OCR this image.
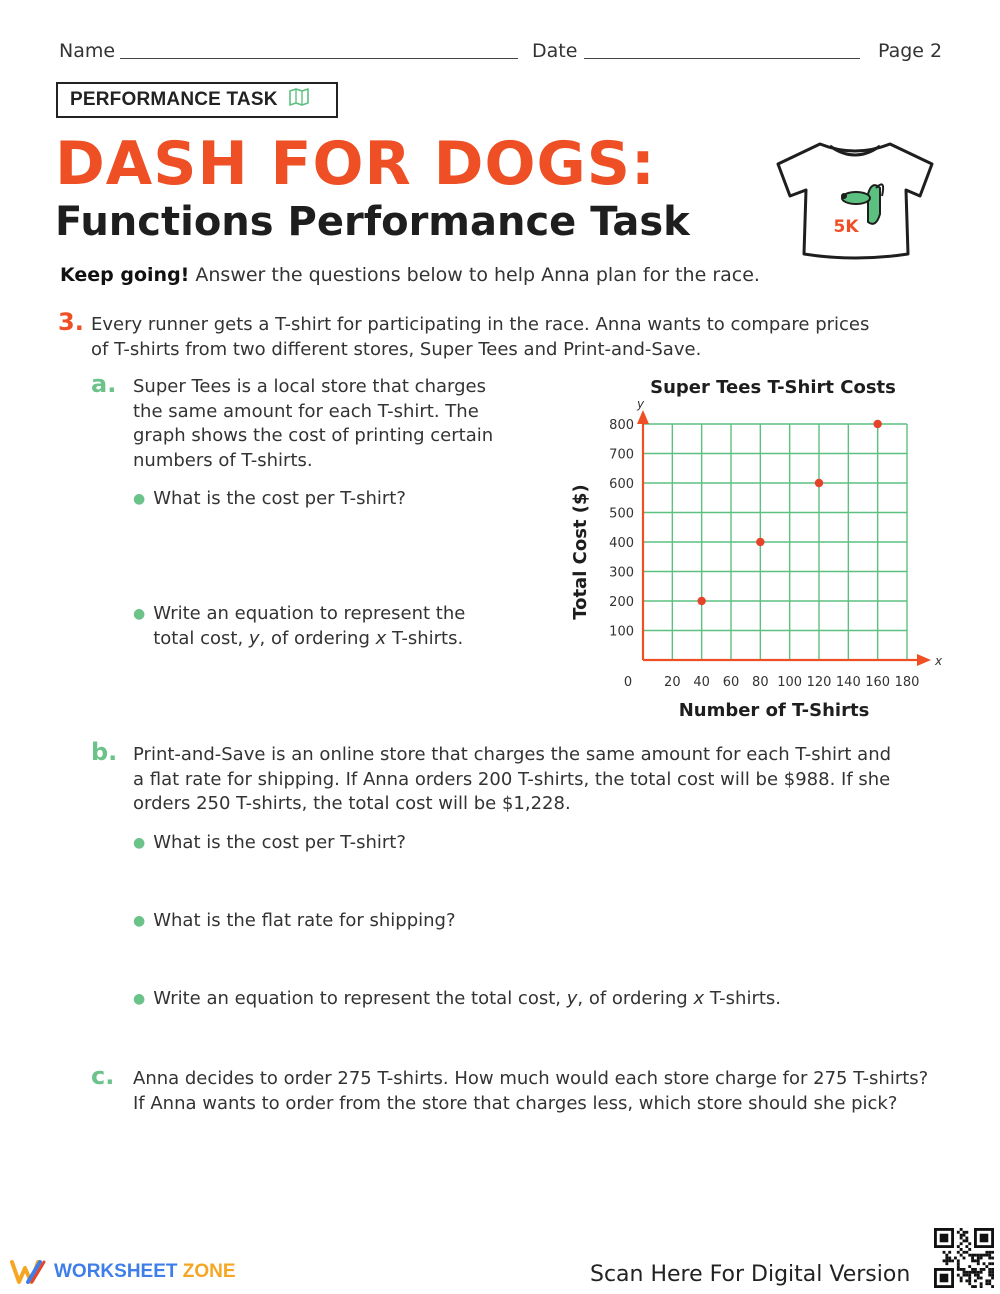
Name	Date	Page 2
PERFORMANCE TASK
DASH FOR DOGS:
Functions Performance Task	5K
Keep going! Answer the questions below to help Anna plan for the race.
3. Every runner gets a T-shirt for participating in the race. Anna wants to compare prices
of T-shirts from two different stores, Super Tees and Print-and-Save.
a. Super Tees is a local store that charges
the same amount for each T-shirt. The
graph shows the cost of printing certain
numbers of T-shirts.
● What is the cost per T-shirt?
● Write an equation to represent the
total cost, y, of ordering x T-shirts.
Super Tees T-Shirt Costs
x
y
100
200
300
400
500
600
700
800
20 40 60 80 100 120 140 160 180
0
Number of T-Shirts
Total Cost ($)
b. Print-and-Save is an online store that charges the same amount for each T-shirt and
a flat rate for shipping. If Anna orders 200 T-shirts, the total cost will be $988. If she
orders 250 T-shirts, the total cost will be $1,228.
● What is the cost per T-shirt?
● What is the flat rate for shipping?
● Write an equation to represent the total cost, y, of ordering x T-shirts.
c. Anna decides to order 275 T-shirts. How much would each store charge for 275 T-shirts?
If Anna wants to order from the store that charges less, which store should she pick?
WORKSHEET ZONE	Scan Here For Digital Version
